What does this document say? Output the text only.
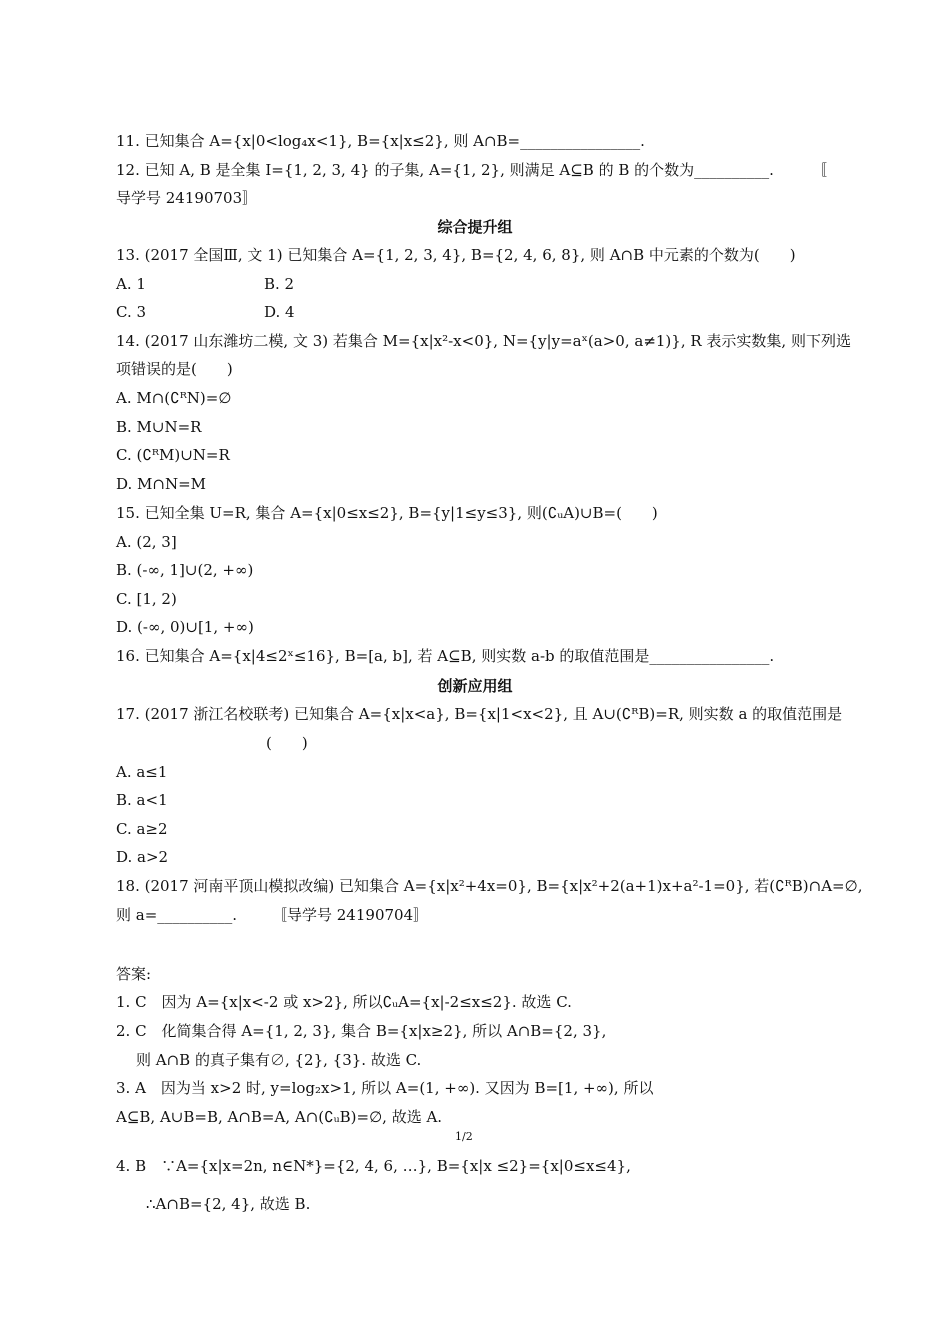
11. 已知集合 A={x|0<log₄x<1}, B={x|x≤2}, 则 A∩B=________________.
12. 已知 A, B 是全集 I={1, 2, 3, 4} 的子集, A={1, 2}, 则满足 A⊆B 的 B 的个数为__________.	〚
导学号 24190703〛
综合提升组
13. (2017 全国Ⅲ, 文 1) 已知集合 A={1, 2, 3, 4}, B={2, 4, 6, 8}, 则 A∩B 中元素的个数为(　　)
A. 1	B. 2
C. 3	D. 4
14. (2017 山东潍坊二模, 文 3) 若集合 M={x|x²-x<0}, N={y|y=aˣ(a>0, a≠1)}, R 表示实数集, 则下列选
项错误的是(　　)
A. M∩(∁ᴿN)=∅
B. M∪N=R
C. (∁ᴿM)∪N=R
D. M∩N=M
15. 已知全集 U=R, 集合 A={x|0≤x≤2}, B={y|1≤y≤3}, 则(∁ᵤA)∪B=(　　)
A. (2, 3]
B. (-∞, 1]∪(2, +∞)
C. [1, 2)
D. (-∞, 0)∪[1, +∞)
16. 已知集合 A={x|4≤2ˣ≤16}, B=[a, b], 若 A⊆B, 则实数 a-b 的取值范围是________________.
创新应用组
17. (2017 浙江名校联考) 已知集合 A={x|x<a}, B={x|1<x<2}, 且 A∪(∁ᴿB)=R, 则实数 a 的取值范围是
(　　)
A. a≤1
B. a<1
C. a≥2
D. a>2
18. (2017 河南平顶山模拟改编) 已知集合 A={x|x²+4x=0}, B={x|x²+2(a+1)x+a²-1=0}, 若(∁ᴿB)∩A=∅,
则 a=__________. 〚导学号 24190704〛
答案:
1. C　因为 A={x|x<-2 或 x>2}, 所以∁ᵤA={x|-2≤x≤2}. 故选 C.
2. C　化简集合得 A={1, 2, 3}, 集合 B={x|x≥2}, 所以 A∩B={2, 3},
则 A∩B 的真子集有∅, {2}, {3}. 故选 C.
3. A　因为当 x>2 时, y=log₂x>1, 所以 A=(1, +∞). 又因为 B=[1, +∞), 所以
A⊆B, A∪B=B, A∩B=A, A∩(∁ᵤB)=∅, 故选 A.
1/2
4. B　∵A={x|x=2n, n∈N*}={2, 4, 6, …}, B={x|x ≤2}={x|0≤x≤4},
∴A∩B={2, 4}, 故选 B.
